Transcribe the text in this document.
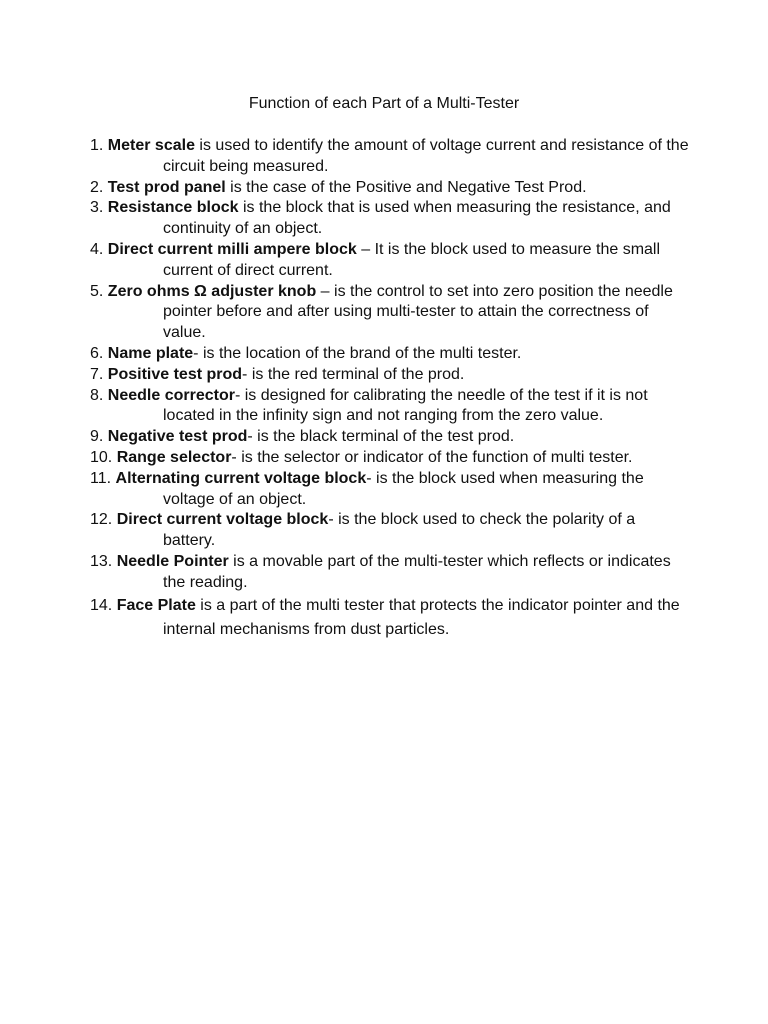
Function of each Part of a Multi-Tester
1. Meter scale is used to identify the amount of voltage current and resistance of the circuit being measured.
2. Test prod panel is the case of the Positive and Negative Test Prod.
3. Resistance block is the block that is used when measuring the resistance, and continuity of an object.
4. Direct current milli ampere block – It is the block used to measure the small current of direct current.
5. Zero ohms Ω adjuster knob – is the control to set into zero position the needle pointer before and after using multi-tester to attain the correctness of value.
6. Name plate- is the location of the brand of the multi tester.
7. Positive test prod- is the red terminal of the prod.
8. Needle corrector- is designed for calibrating the needle of the test if it is not located in the infinity sign and not ranging from the zero value.
9. Negative test prod- is the black terminal of the test prod.
10. Range selector- is the selector or indicator of the function of multi tester.
11. Alternating current voltage block- is the block used when measuring the voltage of an object.
12. Direct current voltage block- is the block used to check the polarity of a battery.
13. Needle Pointer is a movable part of the multi-tester which reflects or indicates the reading.
14. Face Plate is a part of the multi tester that protects the indicator pointer and the internal mechanisms from dust particles.
